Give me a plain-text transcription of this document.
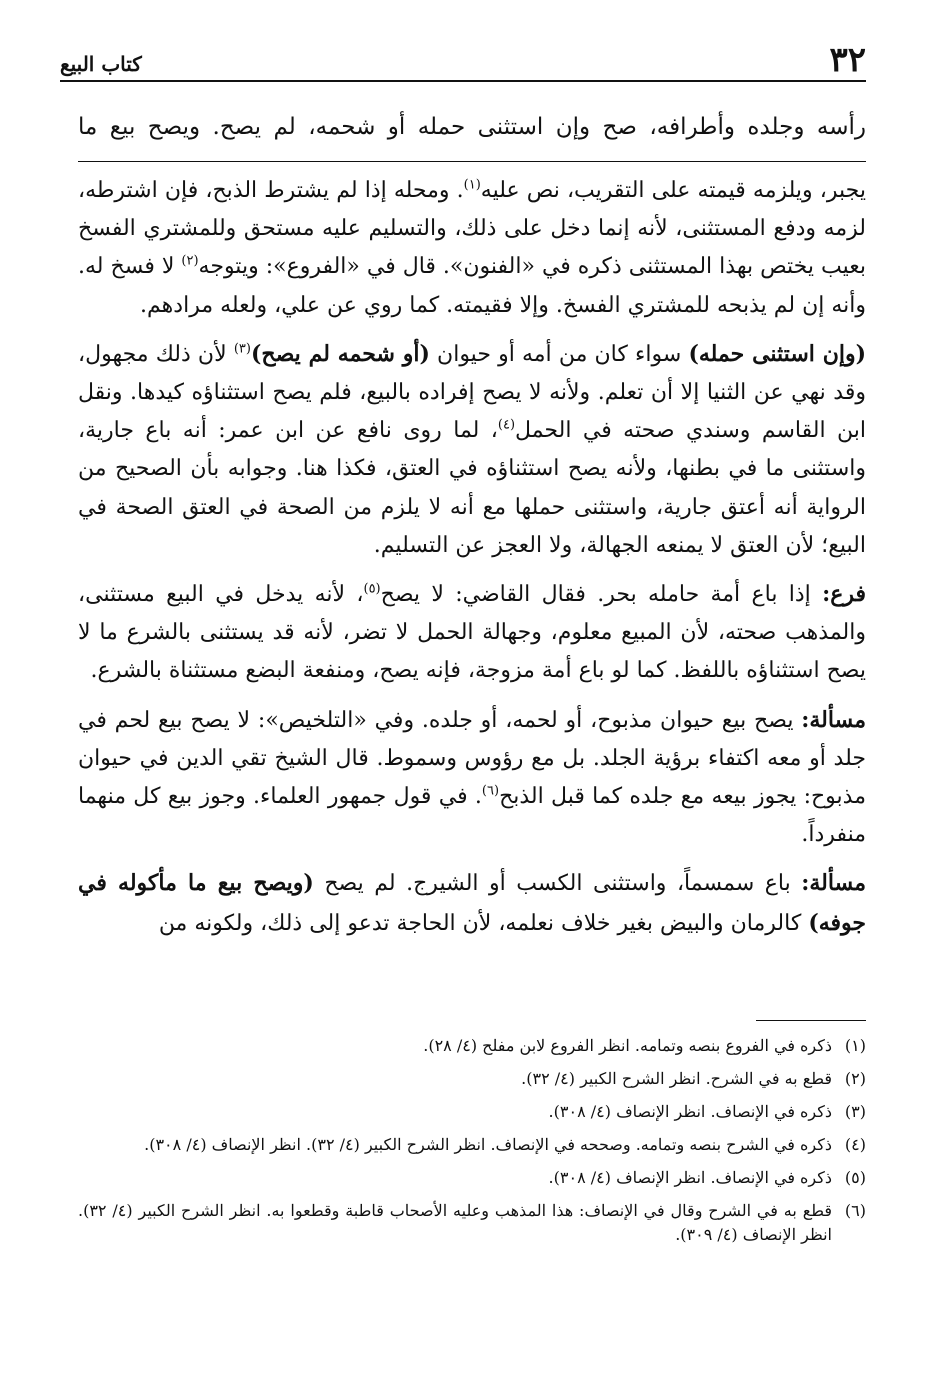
٣٢
كتاب البيع
رأسه وجلده وأطرافه، صح وإن استثنى حمله أو شحمه، لم يصح. ويصح بيع ما

يجبر، ويلزمه قيمته على التقريب، نص عليه$^{(١)}$. ومحله إذا لم يشترط الذبح، فإن اشترطه، لزمه ودفع المستثنى، لأنه إنما دخل على ذلك، والتسليم عليه مستحق وللمشتري الفسخ بعيب يختص بهذا المستثنى ذكره في «الفنون». قال في «الفروع»: ويتوجه$^{(٢)}$ لا فسخ له. وأنه إن لم يذبحه للمشتري الفسخ. وإلا فقيمته. كما روي عن علي، ولعله مرادهم.

(وإن استثنى حمله) سواء كان من أمه أو حيوان (أو شحمه لم يصح)$^{(٣)}$ لأن ذلك مجهول، وقد نهي عن الثنيا إلا أن تعلم. ولأنه لا يصح إفراده بالبيع، فلم يصح استثناؤه كيدها. ونقل ابن القاسم وسندي صحته في الحمل$^{(٤)}$، لما روى نافع عن ابن عمر: أنه باع جارية، واستثنى ما في بطنها، ولأنه يصح استثناؤه في العتق، فكذا هنا. وجوابه بأن الصحيح من الرواية أنه أعتق جارية، واستثنى حملها مع أنه لا يلزم من الصحة في العتق الصحة في البيع؛ لأن العتق لا يمنعه الجهالة، ولا العجز عن التسليم.

فرع: إذا باع أمة حامله بحر. فقال القاضي: لا يصح$^{(٥)}$، لأنه يدخل في البيع مستثنى، والمذهب صحته، لأن المبيع معلوم، وجهالة الحمل لا تضر، لأنه قد يستثنى بالشرع ما لا يصح استثناؤه باللفظ. كما لو باع أمة مزوجة، فإنه يصح، ومنفعة البضع مستثناة بالشرع.

مسألة: يصح بيع حيوان مذبوح، أو لحمه، أو جلده. وفي «التلخيص»: لا يصح بيع لحم في جلد أو معه اكتفاء برؤية الجلد. بل مع رؤوس وسموط. قال الشيخ تقي الدين في حيوان مذبوح: يجوز بيعه مع جلده كما قبل الذبح$^{(٦)}$. في قول جمهور العلماء. وجوز بيع كل منهما منفرداً.

مسألة: باع سمسماً، واستثنى الكسب أو الشيرج. لم يصح (ويصح بيع ما مأكوله في جوفه) كالرمان والبيض بغير خلاف نعلمه، لأن الحاجة تدعو إلى ذلك، ولكونه من

(١)
ذكره في الفروع بنصه وتمامه. انظر الفروع لابن مفلح (٤/ ٢٨).
(٢)
قطع به في الشرح. انظر الشرح الكبير (٤/ ٣٢).
(٣)
ذكره في الإنصاف. انظر الإنصاف (٤/ ٣٠٨).
(٤)
ذكره في الشرح بنصه وتمامه. وصححه في الإنصاف. انظر الشرح الكبير (٤/ ٣٢). انظر الإنصاف (٤/ ٣٠٨).
(٥)
ذكره في الإنصاف. انظر الإنصاف (٤/ ٣٠٨).
(٦)
قطع به في الشرح وقال في الإنصاف: هذا المذهب وعليه الأصحاب قاطبة وقطعوا به. انظر الشرح الكبير (٤/ ٣٢). انظر الإنصاف (٤/ ٣٠٩).
